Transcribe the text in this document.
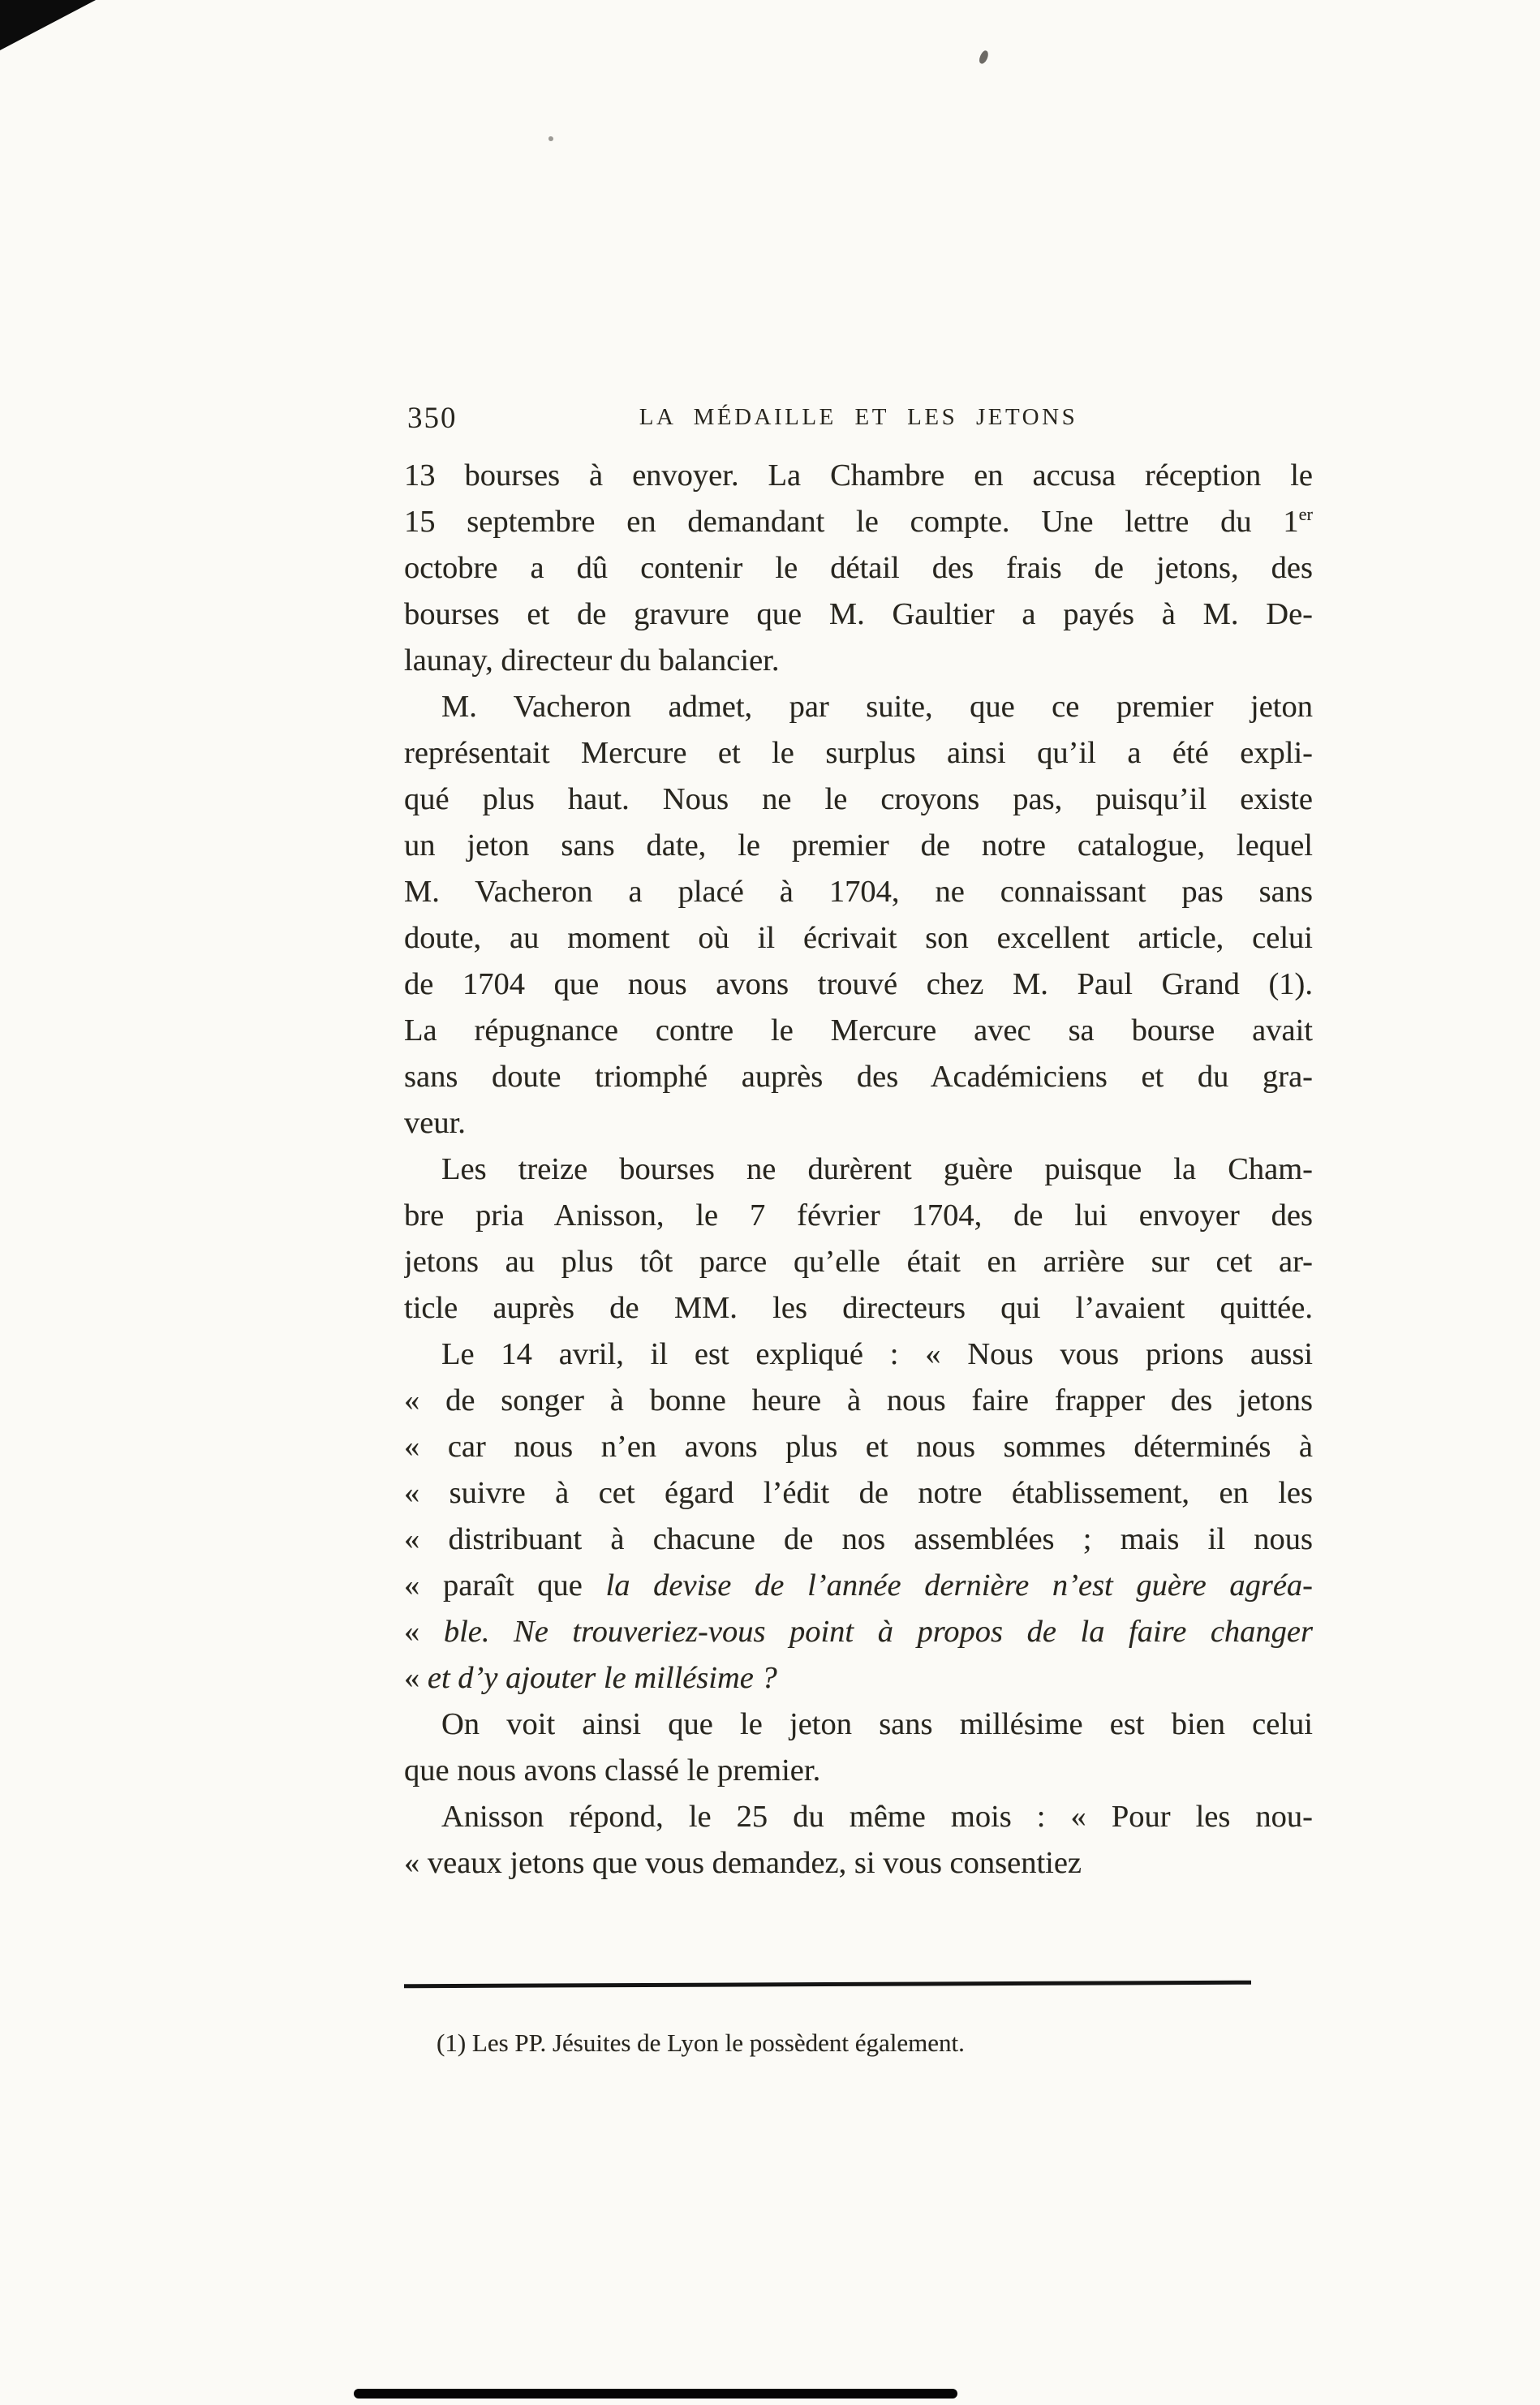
350	LA MÉDAILLE ET LES JETONS
13 bourses à envoyer. La Chambre en accusa réception le
15 septembre en demandant le compte. Une lettre du 1er
octobre a dû contenir le détail des frais de jetons, des
bourses et de gravure que M. Gaultier a payés à M. De-
launay, directeur du balancier.
M. Vacheron admet, par suite, que ce premier jeton
représentait Mercure et le surplus ainsi qu’il a été expli-
qué plus haut. Nous ne le croyons pas, puisqu’il existe
un jeton sans date, le premier de notre catalogue, lequel
M. Vacheron a placé à 1704, ne connaissant pas sans
doute, au moment où il écrivait son excellent article, celui
de 1704 que nous avons trouvé chez M. Paul Grand (1).
La répugnance contre le Mercure avec sa bourse avait
sans doute triomphé auprès des Académiciens et du gra-
veur.
Les treize bourses ne durèrent guère puisque la Cham-
bre pria Anisson, le 7 février 1704, de lui envoyer des
jetons au plus tôt parce qu’elle était en arrière sur cet ar-
ticle auprès de MM. les directeurs qui l’avaient quittée.
Le 14 avril, il est expliqué : « Nous vous prions aussi
« de songer à bonne heure à nous faire frapper des jetons
« car nous n’en avons plus et nous sommes déterminés à
« suivre à cet égard l’édit de notre établissement, en les
« distribuant à chacune de nos assemblées ; mais il nous
« paraît que la devise de l’année dernière n’est guère agréa-
« ble. Ne trouveriez-vous point à propos de la faire changer
« et d’y ajouter le millésime ?
On voit ainsi que le jeton sans millésime est bien celui
que nous avons classé le premier.
Anisson répond, le 25 du même mois : « Pour les nou-
« veaux jetons que vous demandez, si vous consentiez
(1) Les PP. Jésuites de Lyon le possèdent également.
